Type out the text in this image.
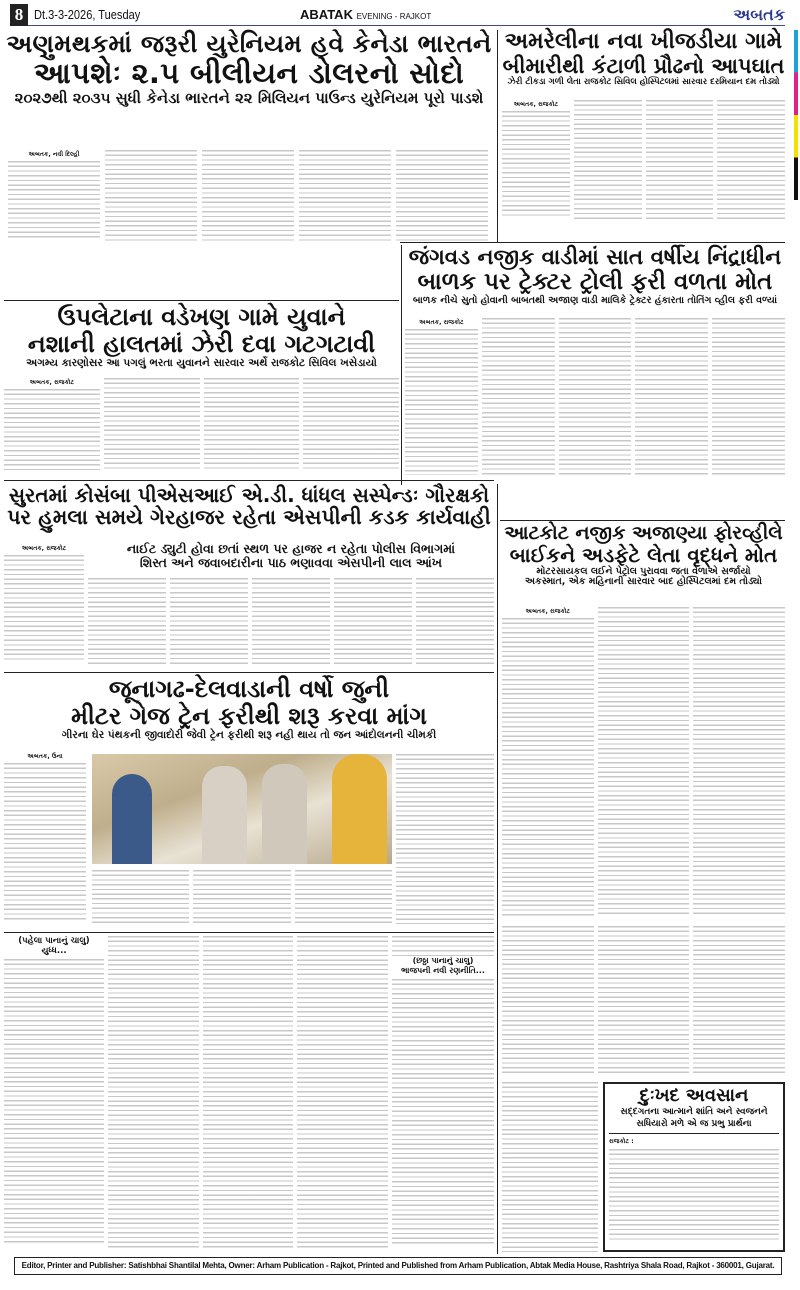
8 Dt.3-3-2026, Tuesday	ABATAK EVENING - RAJKOT	અબતક
અણુમથકમાં જરૂરી યુરેનિયમ હવે કેનેડા ભારતને
આપશેઃ ૨.૫ બીલીયન ડોલરનો સોદો
૨૦૨૭થી ૨૦૩૫ સુધી કેનેડા ભારતને ૨૨ મિલિયન પાઉન્ડ યુરેનિયમ પૂરો પાડશે
અબતક, નવી દિલ્હી
અમરેલીના નવા ખીજડીયા ગામે
બીમારીથી કંટાળી પ્રૌઢનો આપઘાત
ઝેરી ટીકડા ગળી લેતા રાજકોટ સિવિલ હોસ્પિટલમાં સારવાર દરમિયાન દમ તોડ્યો
અબતક, રાજકોટ
જંગવડ નજીક વાડીમાં સાત વર્ષીય નિંદ્રાધીન
બાળક પર ટ્રેક્ટર ટ્રોલી ફરી વળતા મોત
બાળક નીચે સુતો હોવાની બાબતથી અજાણ વાડી માલિકે ટ્રેક્ટર હંકારતા તોતિંગ વ્હીલ ફરી વળ્યાં
અબતક, રાજકોટ
ઉપલેટાના વડેખણ ગામે યુવાને
નશાની હાલતમાં ઝેરી દવા ગટગટાવી
અગમ્ય કારણોસર આ પગલું ભરતા યુવાનને સારવાર અર્થે રાજકોટ સિવિલ ખસેડાયો
અબતક, રાજકોટ
સુરતમાં કોસંબા પીએસઆઈ એ.ડી. ધાંધલ સસ્પેન્ડઃ ગૌરક્ષકો
પર હુમલા સમયે ગેરહાજર રહેતા એસપીની કડક કાર્યવાહી
અબતક, રાજકોટ	નાઈટ ડ્યુટી હોવા છતાં સ્થળ પર હાજર ન રહેતા પોલીસ વિભાગમાં
શિસ્ત અને જવાબદારીના પાઠ ભણાવવા એસપીની લાલ આંખ
આટકોટ નજીક અજાણ્યા ફોરવ્હીલે
બાઈકને અડફેટે લેતા વૃદ્ધને મોત
મોટરસાયકલ લઈને પેટ્રોલ પુરાવવા જતા વેળાએ સર્જાયો
અકસ્માત, એક મહિનાની સારવાર બાદ હોસ્પિટલમાં દમ તોડ્યો
અબતક, રાજકોટ
જૂનાગઢ-દેલવાડાની વર્ષો જુની
મીટર ગેજ ટ્રેન ફરીથી શરૂ કરવા માંગ
ગીરના ઘેર પંથકની જીવાદોરી જેવી ટ્રેન ફરીથી શરૂ નહી થાય તો જન આંદોલનની ચીમકી
અબતક, ઉના
(પહેલા પાનાનું ચાલુ)
યુધ્ધ...
(છઠ્ઠા પાનાનું ચાલુ)
ભાજપની નવી રણનીતિ...
દુઃખદ અવસાન
સદ્દગતના આત્માને શાંતિ અને સ્વજનને
સધિયારો મળે એ જ પ્રભુ પ્રાર્થના
રાજકોટ :
Editor, Printer and Publisher: Satishbhai Shantilal Mehta, Owner: Arham Publication - Rajkot, Printed and Published from Arham Publication, Abtak Media House, Rashtriya Shala Road, Rajkot - 360001, Gujarat.
